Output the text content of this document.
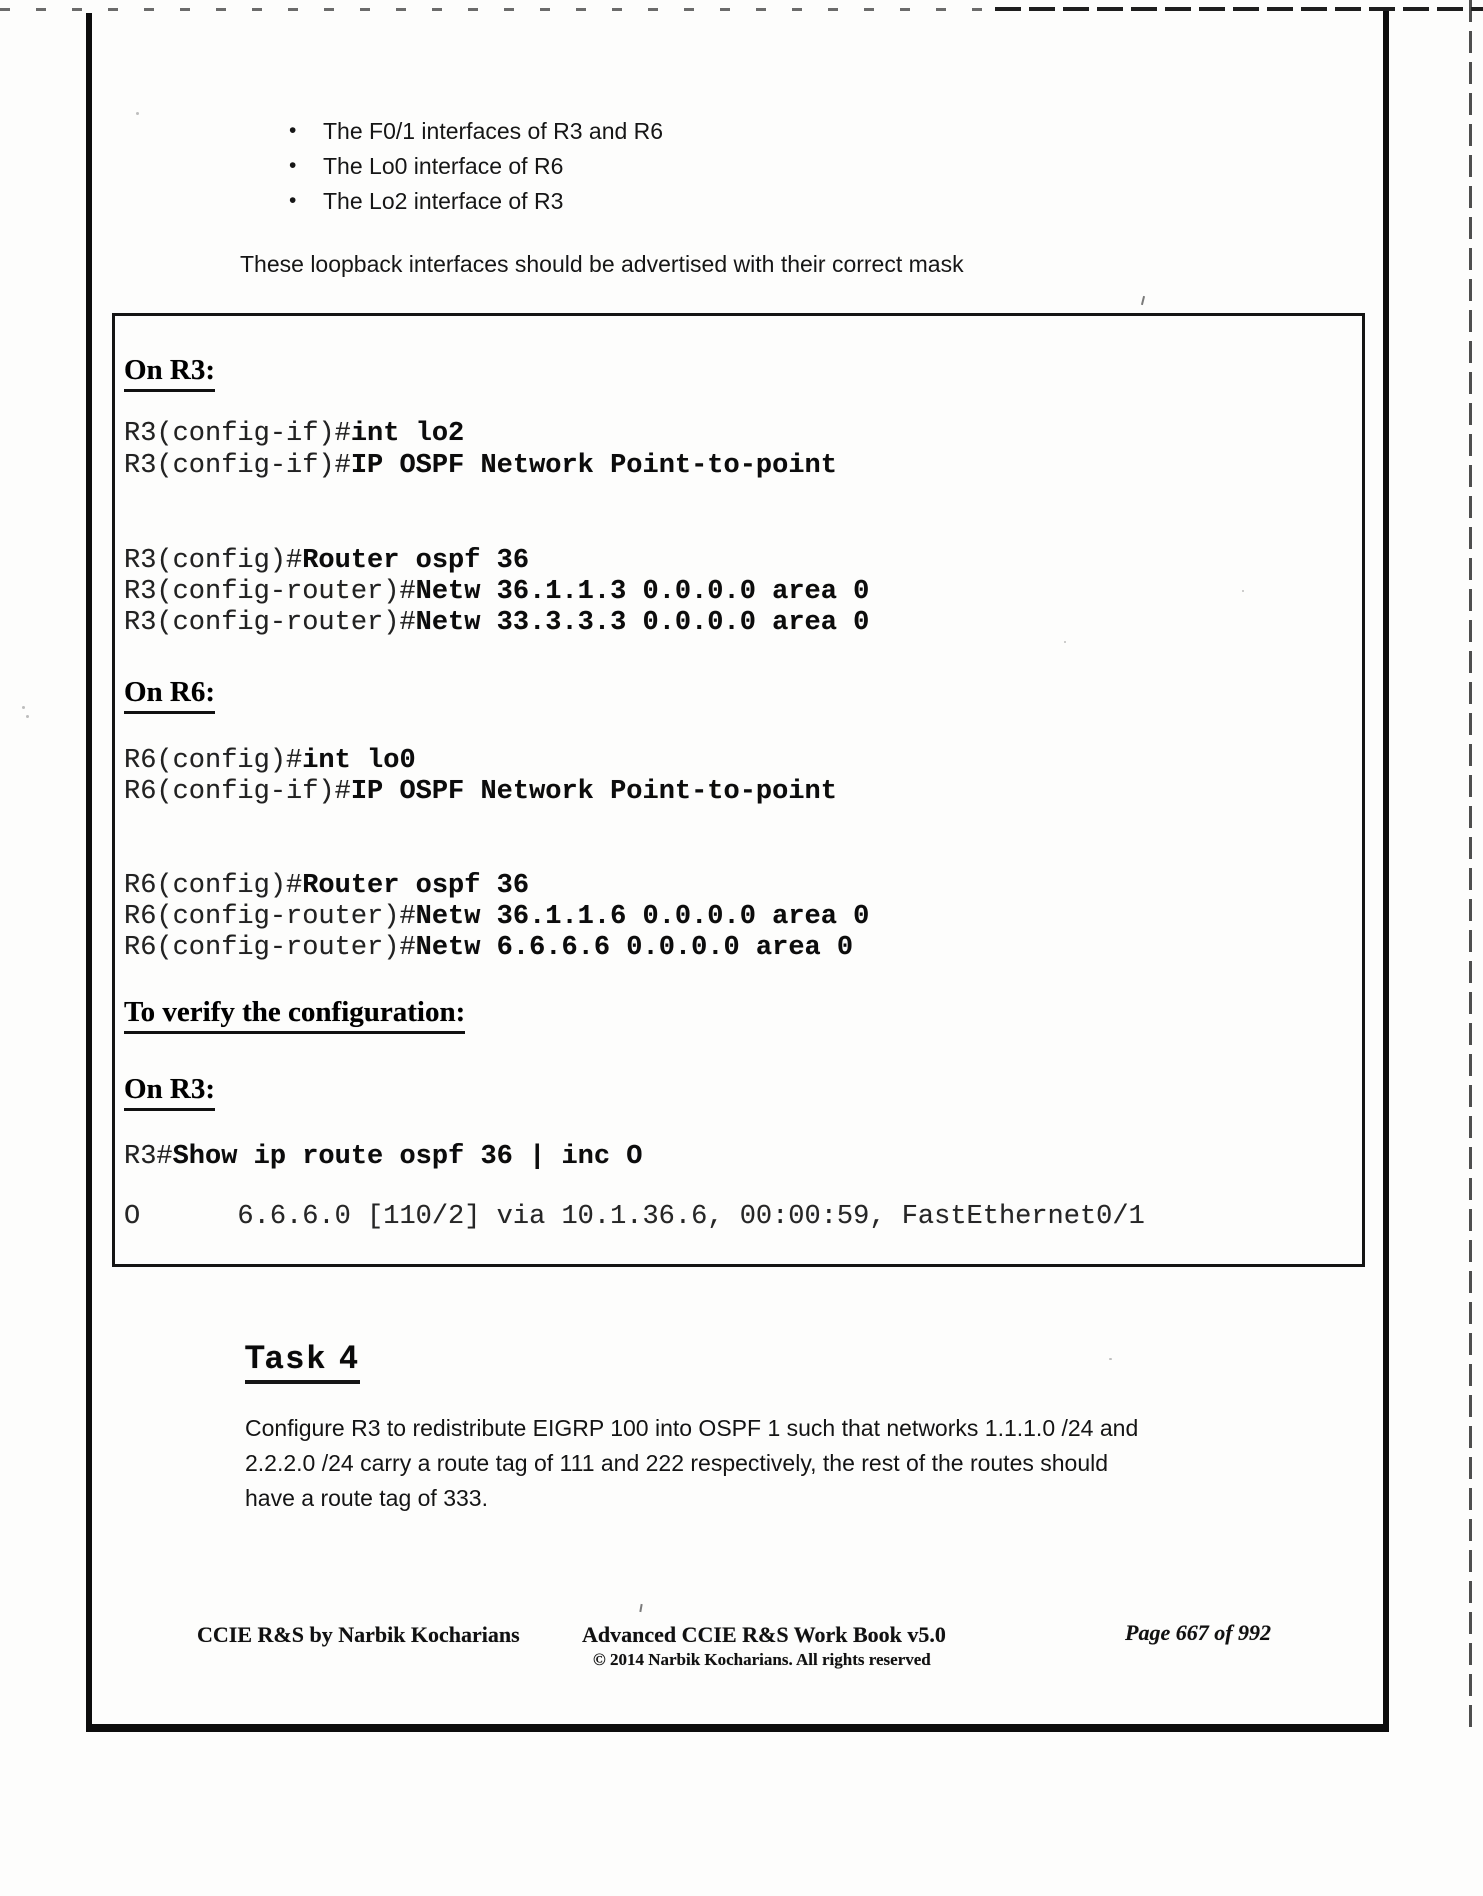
•	The F0/1 interfaces of R3 and R6
•	The Lo0 interface of R6
•	The Lo2 interface of R3
These loopback interfaces should be advertised with their correct mask
On R3:
R3(config-if)#int lo2
R3(config-if)#IP OSPF Network Point-to-point
R3(config)#Router ospf 36
R3(config-router)#Netw 36.1.1.3 0.0.0.0 area 0
R3(config-router)#Netw 33.3.3.3 0.0.0.0 area 0
On R6:
R6(config)#int lo0
R6(config-if)#IP OSPF Network Point-to-point
R6(config)#Router ospf 36
R6(config-router)#Netw 36.1.1.6 0.0.0.0 area 0
R6(config-router)#Netw 6.6.6.6 0.0.0.0 area 0
To verify the configuration:
On R3:
R3#Show ip route ospf 36 | inc O
O      6.6.6.0 [110/2] via 10.1.36.6, 00:00:59, FastEthernet0/1
Task 4
Configure R3 to redistribute EIGRP 100 into OSPF 1 such that networks 1.1.1.0 /24 and
2.2.2.0 /24 carry a route tag of 111 and 222 respectively, the rest of the routes should
have a route tag of 333.
CCIE R&S by Narbik Kocharians	Advanced CCIE R&S Work Book v5.0
© 2014 Narbik Kocharians. All rights reserved
Page 667 of 992
